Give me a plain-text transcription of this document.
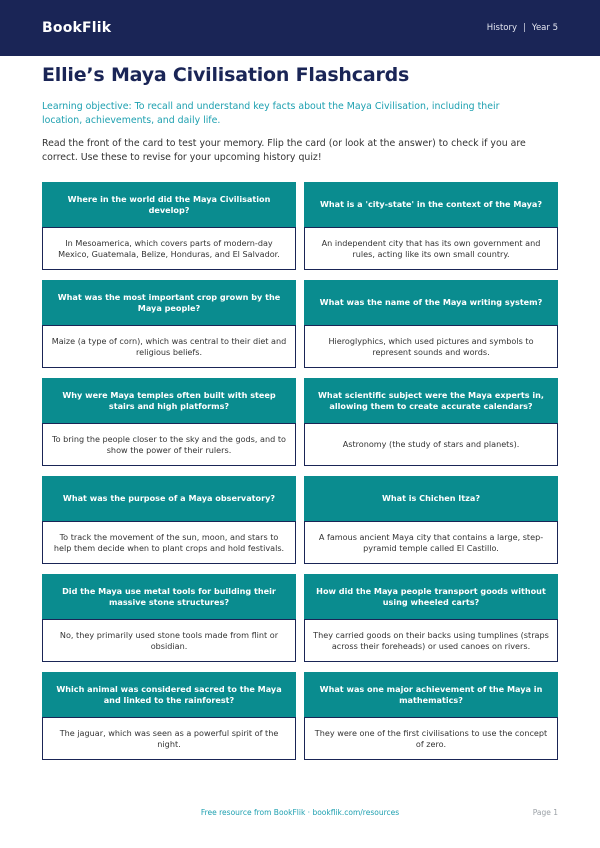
BookFlik	History | Year 5
Ellie’s Maya Civilisation Flashcards

Learning objective: To recall and understand key facts about the Maya Civilisation, including their location, achievements, and daily life.

Read the front of the card to test your memory. Flip the card (or look at the answer) to check if you are correct. Use these to revise for your upcoming history quiz!

Where in the world did the Maya Civilisation develop?
In Mesoamerica, which covers parts of modern-day Mexico, Guatemala, Belize, Honduras, and El Salvador.
What is a 'city-state' in the context of the Maya?
An independent city that has its own government and rules, acting like its own small country.
What was the most important crop grown by the Maya people?
Maize (a type of corn), which was central to their diet and religious beliefs.
What was the name of the Maya writing system?
Hieroglyphics, which used pictures and symbols to represent sounds and words.
Why were Maya temples often built with steep stairs and high platforms?
To bring the people closer to the sky and the gods, and to show the power of their rulers.
What scientific subject were the Maya experts in, allowing them to create accurate calendars?
Astronomy (the study of stars and planets).
What was the purpose of a Maya observatory?
To track the movement of the sun, moon, and stars to help them decide when to plant crops and hold festivals.
What is Chichen Itza?
A famous ancient Maya city that contains a large, step-pyramid temple called El Castillo.
Did the Maya use metal tools for building their massive stone structures?
No, they primarily used stone tools made from flint or obsidian.
How did the Maya people transport goods without using wheeled carts?
They carried goods on their backs using tumplines (straps across their foreheads) or used canoes on rivers.
Which animal was considered sacred to the Maya and linked to the rainforest?
The jaguar, which was seen as a powerful spirit of the night.
What was one major achievement of the Maya in mathematics?
They were one of the first civilisations to use the concept of zero.
Free resource from BookFlik · bookflik.com/resources	Page 1
